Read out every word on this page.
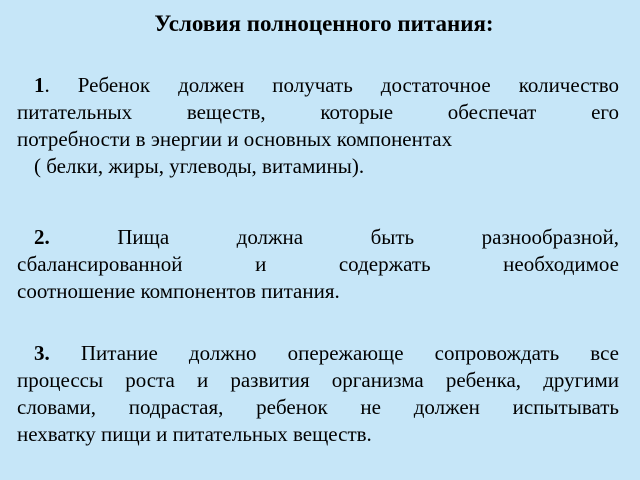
Условия полноценного питания:
1. Ребенок должен получать достаточное количество
питательных веществ, которые обеспечат его
потребности в энергии и основных компонентах
( белки, жиры, углеводы, витамины).
2. Пища должна быть разнообразной,
сбалансированной и содержать необходимое
соотношение компонентов питания.
3. Питание должно опережающе сопровождать все
процессы роста и развития организма ребенка, другими
словами, подрастая, ребенок не должен испытывать
нехватку пищи и питательных веществ.
